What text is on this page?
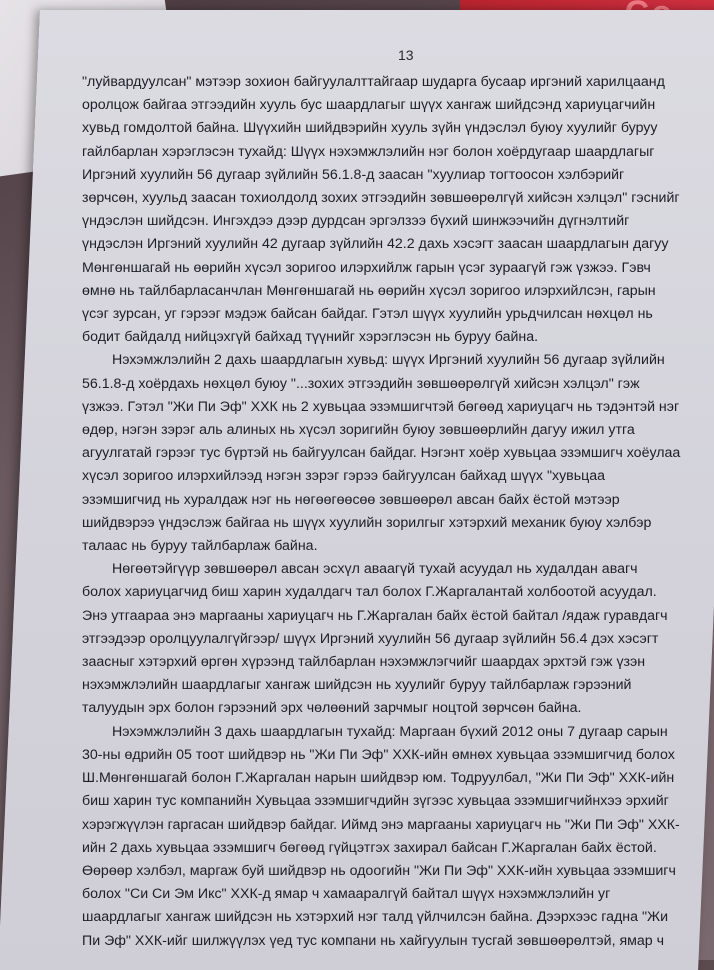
13
"луйвардуулсан" мэтээр зохион байгуулалттайгаар шударга бусаар иргэний харилцаанд
оролцож байгаа этгээдийн хууль бус шаардлагыг шүүх хангаж шийдсэнд хариуцагчийн
хувьд гомдолтой байна. Шүүхийн шийдвэрийн хууль зүйн үндэслэл буюу хуулийг буруу
гайлбарлан хэрэглэсэн тухайд: Шүүх нэхэмжлэлийн нэг болон хоёрдугаар шаардлагыг
Иргэний хуулийн 56 дугаар зүйлийн 56.1.8-д заасан "хуулиар тогтоосон хэлбэрийг
зөрчсөн, хуульд заасан тохиолдолд зохих этгээдийн зөвшөөрөлгүй хийсэн хэлцэл" гэснийг
үндэслэн шийдсэн. Ингэхдээ дээр дурдсан эргэлзээ бүхий шинжээчийн дүгнэлтийг
үндэслэн Иргэний хуулийн 42 дугаар зүйлийн 42.2 дахь хэсэгт заасан шаардлагын дагуу
Мөнгөншагай нь өөрийн хүсэл зоригоо илэрхийлж гарын үсэг зураагүй гэж үзжээ. Гэвч
өмнө нь тайлбарласанчлан Мөнгөншагай нь өөрийн хүсэл зоригоо илэрхийлсэн, гарын
үсэг зурсан, уг гэрээг мэдэж байсан байдаг. Гэтэл шүүх хуулийн урьдчилсан нөхцөл нь
бодит байдалд нийцэхгүй байхад түүнийг хэрэглэсэн нь буруу байна.
Нэхэмжлэлийн 2 дахь шаардлагын хувьд: шүүх Иргэний хуулийн 56 дугаар зүйлийн
56.1.8-д хоёрдахь нөхцөл буюу "...зохих этгээдийн зөвшөөрөлгүй хийсэн хэлцэл" гэж
үзжээ. Гэтэл "Жи Пи Эф" ХХК нь 2 хувьцаа эзэмшигчтэй бөгөөд хариуцагч нь тэдэнтэй нэг
өдөр, нэгэн зэрэг аль алиных нь хүсэл зоригийн буюу зөвшөөрлийн дагуу ижил утга
агуулгатай гэрээг тус бүртэй нь байгуулсан байдаг. Нэгэнт хоёр хувьцаа эзэмшигч хоёулаа
хүсэл зоригоо илэрхийлээд нэгэн зэрэг гэрээ байгуулсан байхад шүүх "хувьцаа
эзэмшигчид нь хуралдаж нэг нь нөгөөгөөсөө зөвшөөрөл авсан байх ёстой мэтээр
шийдвэрээ үндэслэж байгаа нь шүүх хуулийн зорилгыг хэтэрхий механик буюу хэлбэр
талаас нь буруу тайлбарлаж байна.
Нөгөөтэйгүүр зөвшөөрөл авсан эсхүл аваагүй тухай асуудал нь худалдан авагч
болох хариуцагчид биш харин худалдагч тал болох Г.Жаргалантай холбоотой асуудал.
Энэ утгаараа энэ маргааны хариуцагч нь Г.Жаргалан байх ёстой байтал /ядаж гуравдагч
этгээдээр оролцуулалгүйгээр/ шүүх Иргэний хуулийн 56 дугаар зүйлийн 56.4 дэх хэсэгт
заасныг хэтэрхий өргөн хүрээнд тайлбарлан нэхэмжлэгчийг шаардах эрхтэй гэж үзэн
нэхэмжлэлийн шаардлагыг хангаж шийдсэн нь хуулийг буруу тайлбарлаж гэрээний
талуудын эрх болон гэрээний эрх чөлөөний зарчмыг ноцтой зөрчсөн байна.
Нэхэмжлэлийн 3 дахь шаардлагын тухайд: Маргаан бүхий 2012 оны 7 дугаар сарын
30-ны өдрийн 05 тоот шийдвэр нь "Жи Пи Эф" ХХК-ийн өмнөх хувьцаа эзэмшигчид болох
Ш.Мөнгөншагай болон Г.Жаргалан нарын шийдвэр юм. Тодруулбал, "Жи Пи Эф" ХХК-ийн
биш харин тус компанийн Хувьцаа эзэмшигчдийн зүгээс хувьцаа эзэмшигчийнхээ эрхийг
хэрэгжүүлэн гаргасан шийдвэр байдаг. Иймд энэ маргааны хариуцагч нь "Жи Пи Эф" ХХК-
ийн 2 дахь хувьцаа эзэмшигч бөгөөд гүйцэтгэх захирал байсан Г.Жаргалан байх ёстой.
Өөрөөр хэлбэл, маргаж буй шийдвэр нь одоогийн "Жи Пи Эф" ХХК-ийн хувьцаа эзэмшигч
болох "Си Си Эм Икс" ХХК-д ямар ч хамааралгүй байтал шүүх нэхэмжлэлийн уг
шаардлагыг хангаж шийдсэн нь хэтэрхий нэг талд үйлчилсэн байна. Дээрхээс гадна "Жи
Пи Эф" ХХК-ийг шилжүүлэх үед тус компани нь хайгуулын тусгай зөвшөөрөлтэй, ямар ч
